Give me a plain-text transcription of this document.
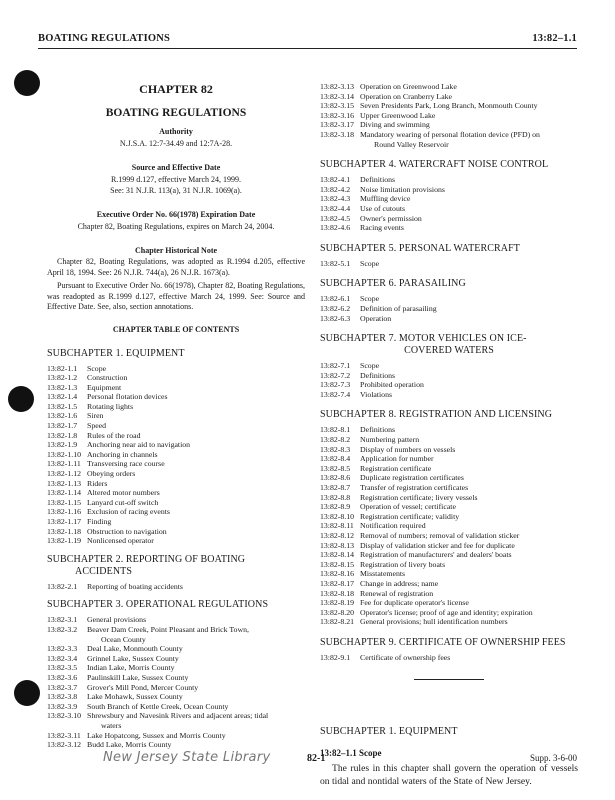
BOATING REGULATIONS	13:82–1.1
CHAPTER 82
BOATING REGULATIONS
Authority

N.J.S.A. 12:7-34.49 and 12:7A-28.

Source and Effective Date

R.1999 d.127, effective March 24, 1999.

See: 31 N.J.R. 113(a), 31 N.J.R. 1069(a).

Executive Order No. 66(1978) Expiration Date

Chapter 82, Boating Regulations, expires on March 24, 2004.

Chapter Historical Note

Chapter 82, Boating Regulations, was adopted as R.1994 d.205, effective April 18, 1994. See: 26 N.J.R. 744(a), 26 N.J.R. 1673(a).

Pursuant to Executive Order No. 66(1978), Chapter 82, Boating Regulations, was readopted as R.1999 d.127, effective March 24, 1999. See: Source and Effective Date. See, also, section annotations.

CHAPTER TABLE OF CONTENTS
SUBCHAPTER 1. EQUIPMENT
13:82-1.1	Scope
13:82-1.2	Construction
13:82-1.3	Equipment
13:82-1.4	Personal flotation devices
13:82-1.5	Rotating lights
13:82-1.6	Siren
13:82-1.7	Speed
13:82-1.8	Rules of the road
13:82-1.9	Anchoring near aid to navigation
13:82-1.10 Anchoring in channels
13:82-1.11 Transversing race course
13:82-1.12 Obeying orders
13:82-1.13 Riders
13:82-1.14 Altered motor numbers
13:82-1.15 Lanyard cut-off switch
13:82-1.16 Exclusion of racing events
13:82-1.17 Finding
13:82-1.18 Obstruction to navigation
13:82-1.19 Nonlicensed operator
SUBCHAPTER 2. REPORTING OF BOATING
ACCIDENTS
13:82-2.1	Reporting of boating accidents
SUBCHAPTER 3. OPERATIONAL REGULATIONS
13:82-3.1	General provisions
13:82-3.2	Beaver Dam Creek, Point Pleasant and Brick Town,
Ocean County
13:82-3.3	Deal Lake, Monmouth County
13:82-3.4	Grinnel Lake, Sussex County
13:82-3.5	Indian Lake, Morris County
13:82-3.6	Paulinskill Lake, Sussex County
13:82-3.7	Grover's Mill Pond, Mercer County
13:82-3.8	Lake Mohawk, Sussex County
13:82-3.9	South Branch of Kettle Creek, Ocean County
13:82-3.10 Shrewsbury and Navesink Rivers and adjacent areas; tidal
waters
13:82-3.11 Lake Hopatcong, Sussex and Morris County
13:82-3.12 Budd Lake, Morris County
13:82-3.13 Operation on Greenwood Lake
13:82-3.14 Operation on Cranberry Lake
13:82-3.15 Seven Presidents Park, Long Branch, Monmouth County
13:82-3.16 Upper Greenwood Lake
13:82-3.17 Diving and swimming
13:82-3.18 Mandatory wearing of personal flotation device (PFD) on
Round Valley Reservoir
SUBCHAPTER 4. WATERCRAFT NOISE CONTROL
13:82-4.1	Definitions
13:82-4.2	Noise limitation provisions
13:82-4.3	Muffling device
13:82-4.4	Use of cutouts
13:82-4.5	Owner's permission
13:82-4.6	Racing events
SUBCHAPTER 5. PERSONAL WATERCRAFT
13:82-5.1	Scope
SUBCHAPTER 6. PARASAILING
13:82-6.1	Scope
13:82-6.2	Definition of parasailing
13:82-6.3	Operation
SUBCHAPTER 7. MOTOR VEHICLES ON ICE-
COVERED WATERS
13:82-7.1	Scope
13:82-7.2	Definitions
13:82-7.3	Prohibited operation
13:82-7.4	Violations
SUBCHAPTER 8. REGISTRATION AND LICENSING
13:82-8.1	Definitions
13:82-8.2	Numbering pattern
13:82-8.3	Display of numbers on vessels
13:82-8.4	Application for number
13:82-8.5	Registration certificate
13:82-8.6	Duplicate registration certificates
13:82-8.7	Transfer of registration certificates
13:82-8.8	Registration certificate; livery vessels
13:82-8.9	Operation of vessel; certificate
13:82-8.10 Registration certificate; validity
13:82-8.11 Notification required
13:82-8.12 Removal of numbers; removal of validation sticker
13:82-8.13 Display of validation sticker and fee for duplicate
13:82-8.14 Registration of manufacturers' and dealers' boats
13:82-8.15 Registration of livery boats
13:82-8.16 Misstatements
13:82-8.17 Change in address; name
13:82-8.18 Renewal of registration
13:82-8.19 Fee for duplicate operator's license
13:82-8.20 Operator's license; proof of age and identity; expiration
13:82-8.21 General provisions; hull identification numbers
SUBCHAPTER 9. CERTIFICATE OF OWNERSHIP FEES
13:82-9.1	Certificate of ownership fees
SUBCHAPTER 1. EQUIPMENT
13:82–1.1 Scope

The rules in this chapter shall govern the operation of vessels on tidal and nontidal waters of the State of New Jersey.

New Jersey State Library	82-1	Supp. 3-6-00
